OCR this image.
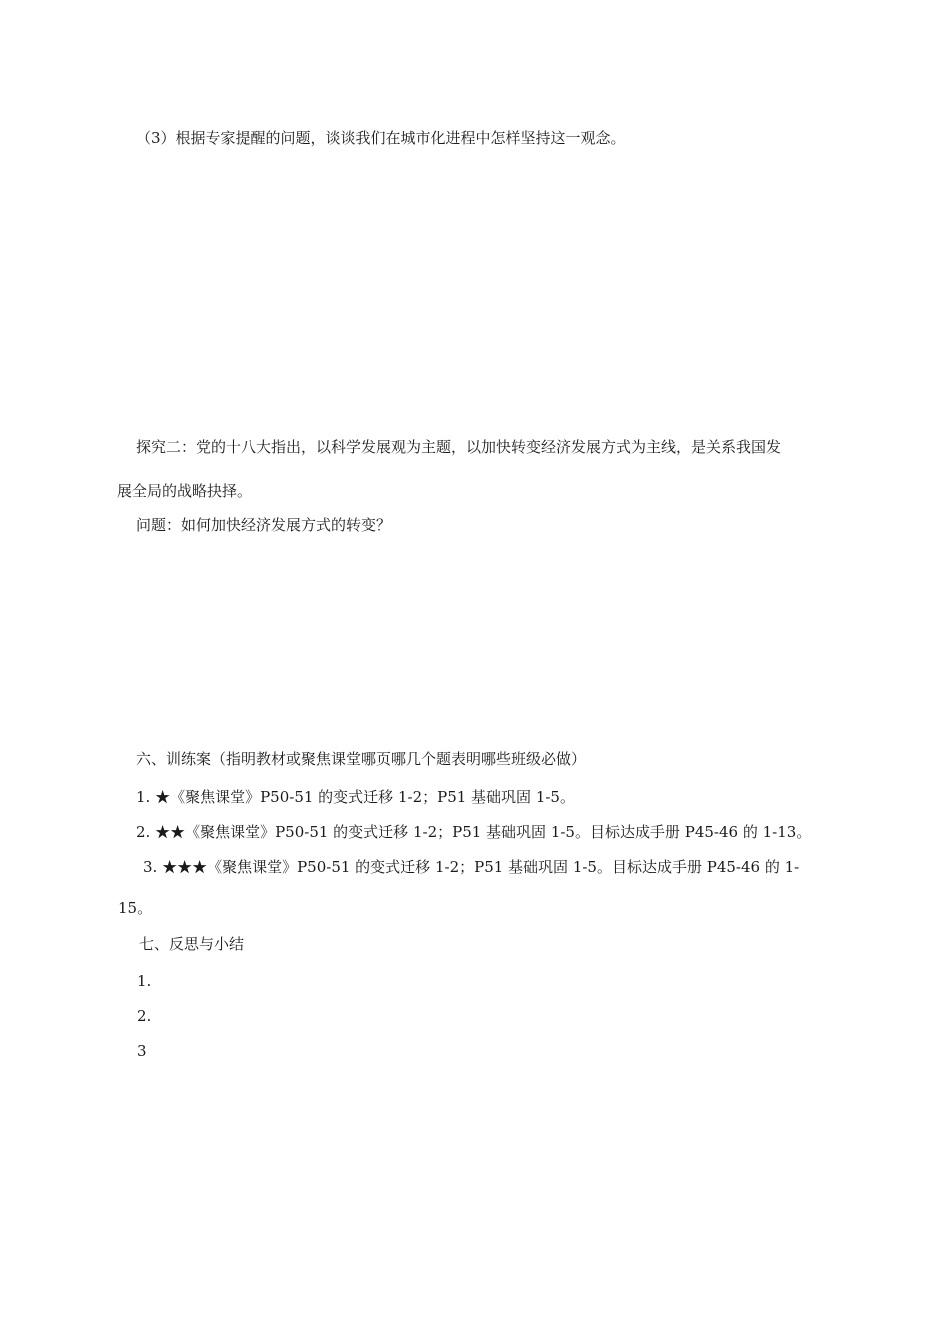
（3）根据专家提醒的问题，谈谈我们在城市化进程中怎样坚持这一观念。
探究二：党的十八大指出，以科学发展观为主题，以加快转变经济发展方式为主线，是关系我国发
展全局的战略抉择。
问题：如何加快经济发展方式的转变？
六、训练案（指明教材或聚焦课堂哪页哪几个题表明哪些班级必做）
1. ★《聚焦课堂》P50-51 的变式迁移 1-2；P51 基础巩固 1-5。
2. ★★《聚焦课堂》P50-51 的变式迁移 1-2；P51 基础巩固 1-5。目标达成手册 P45-46 的 1-13。
3. ★★★《聚焦课堂》P50-51 的变式迁移 1-2；P51 基础巩固 1-5。目标达成手册 P45-46 的 1-
15。
七、反思与小结
1.
2.
3
